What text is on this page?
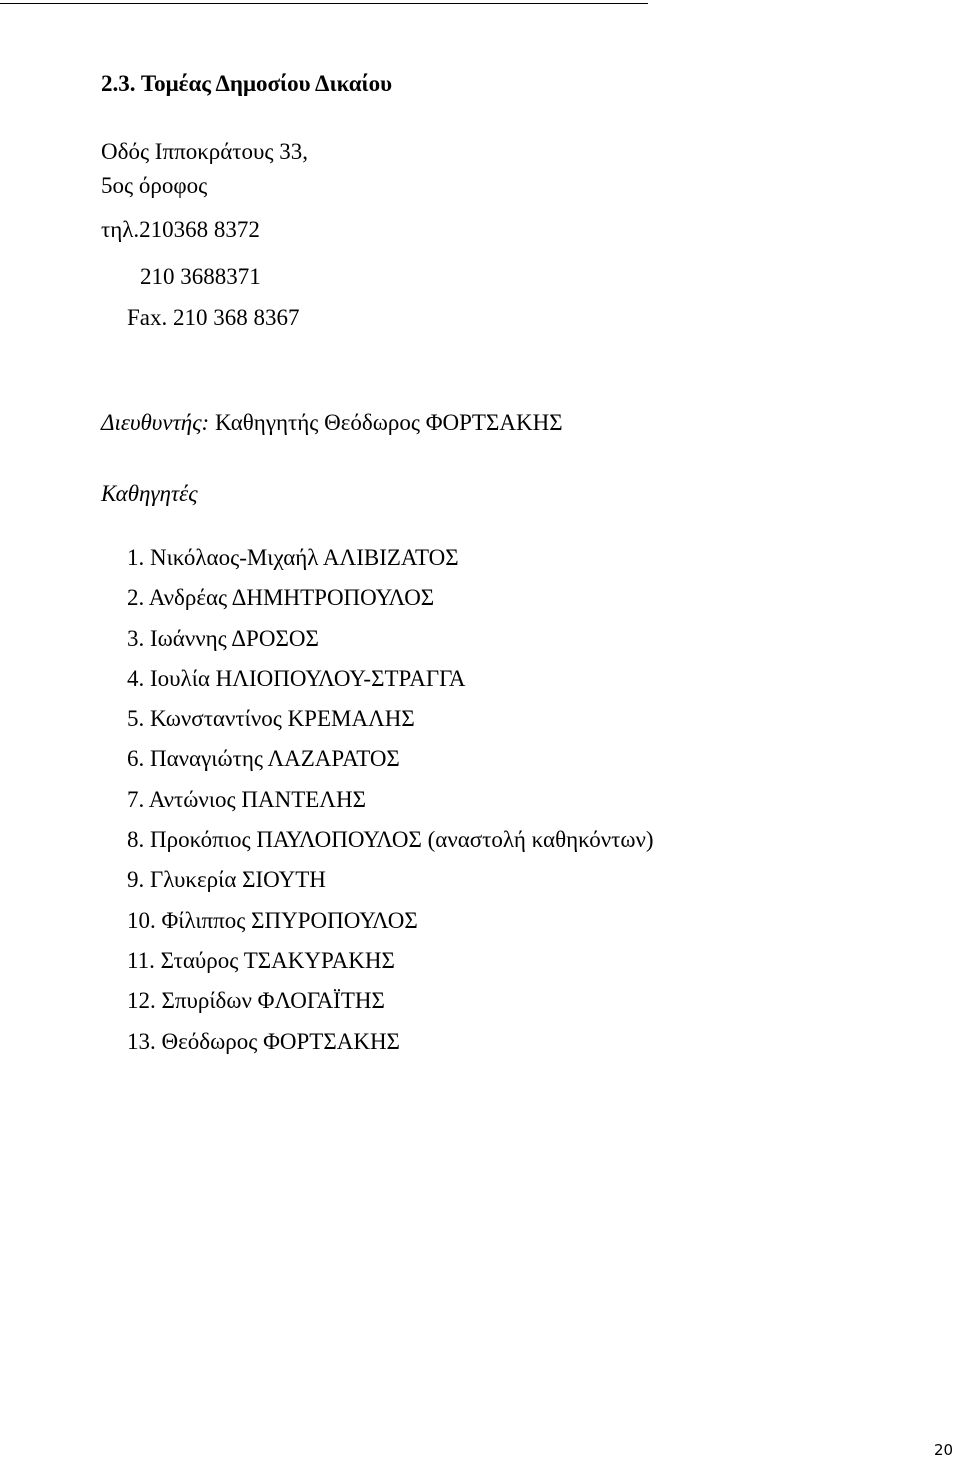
2.3. Τομέας Δημοσίου Δικαίου
Οδός Ιπποκράτους 33,
5ος όροφος
τηλ.210368 8372
210 3688371
Fax. 210 368 8367
Διευθυντής: Καθηγητής Θεόδωρος ΦΟΡΤΣΑΚΗΣ
Καθηγητές
1. Νικόλαος-Μιχαήλ ΑΛΙΒΙΖΑΤΟΣ
2. Ανδρέας ΔΗΜΗΤΡΟΠΟΥΛΟΣ
3. Ιωάννης ΔΡΟΣΟΣ
4. Ιουλία ΗΛΙΟΠΟΥΛΟΥ-ΣΤΡΑΓΓΑ
5. Κωνσταντίνος ΚΡΕΜΑΛΗΣ
6. Παναγιώτης ΛΑΖΑΡΑΤΟΣ
7. Αντώνιος ΠΑΝΤΕΛΗΣ
8. Προκόπιος ΠΑΥΛΟΠΟΥΛΟΣ (αναστολή καθηκόντων)
9. Γλυκερία ΣΙΟΥΤΗ
10. Φίλιππος ΣΠΥΡΟΠΟΥΛΟΣ
11. Σταύρος ΤΣΑΚΥΡΑΚΗΣ
12. Σπυρίδων ΦΛΟΓΑΪΤΗΣ
13. Θεόδωρος ΦΟΡΤΣΑΚΗΣ
20
